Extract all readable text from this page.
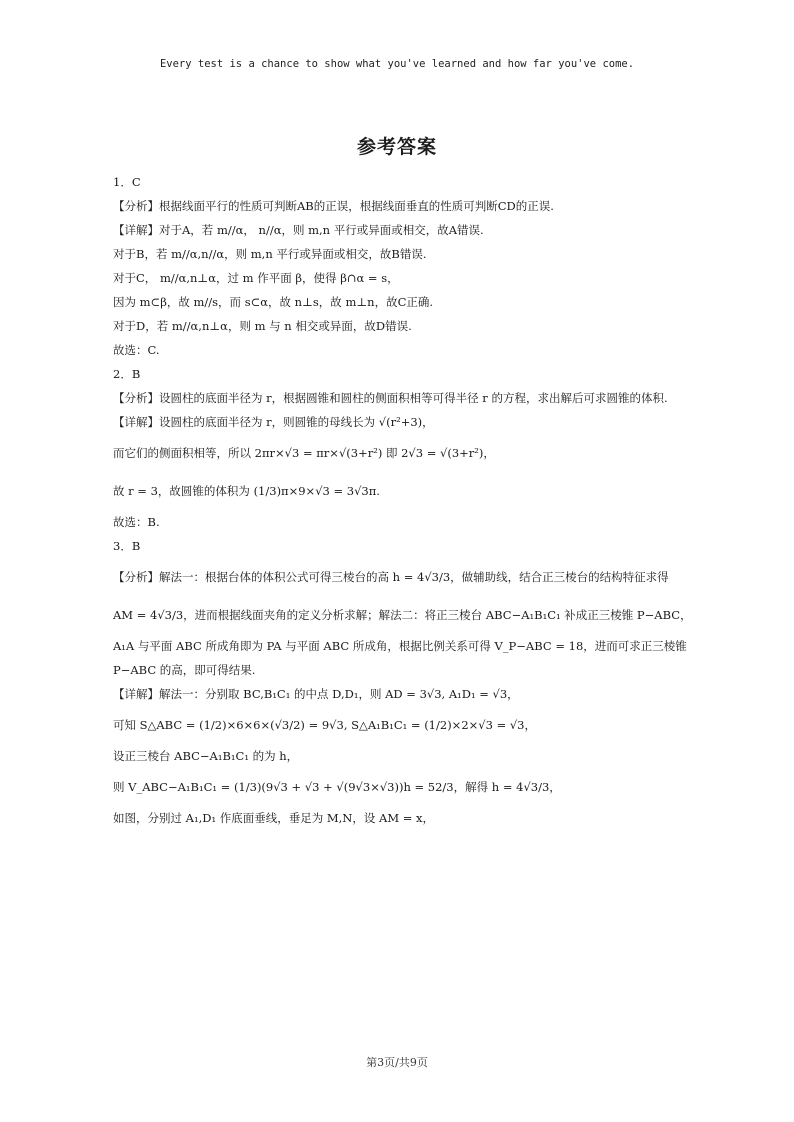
Every test is a chance to show what you've learned and how far you've come.
参考答案
1．C
【分析】根据线面平行的性质可判断AB的正误，根据线面垂直的性质可判断CD的正误.
【详解】对于A，若 m//α， n//α，则 m,n 平行或异面或相交，故A错误.
对于B，若 m//α,n//α，则 m,n 平行或异面或相交，故B错误.
对于C， m//α,n⊥α，过 m 作平面 β，使得 β∩α = s，
因为 m⊂β，故 m//s，而 s⊂α，故 n⊥s，故 m⊥n，故C正确.
对于D，若 m//α,n⊥α，则 m 与 n 相交或异面，故D错误.
故选：C.
2．B
【分析】设圆柱的底面半径为 r，根据圆锥和圆柱的侧面积相等可得半径 r 的方程，求出解后可求圆锥的体积.
【详解】设圆柱的底面半径为 r，则圆锥的母线长为 √(r²+3)，
而它们的侧面积相等，所以 2πr×√3 = πr×√(3+r²) 即 2√3 = √(3+r²)，
故 r = 3，故圆锥的体积为 (1/3)π×9×√3 = 3√3π.
故选：B.
3．B
【分析】解法一：根据台体的体积公式可得三棱台的高 h = 4√3/3，做辅助线，结合正三棱台的结构特征求得
AM = 4√3/3，进而根据线面夹角的定义分析求解；解法二：将正三棱台 ABC−A₁B₁C₁ 补成正三棱锥 P−ABC，
A₁A 与平面 ABC 所成角即为 PA 与平面 ABC 所成角，根据比例关系可得 V_P−ABC = 18，进而可求正三棱锥
P−ABC 的高，即可得结果.
【详解】解法一：分别取 BC,B₁C₁ 的中点 D,D₁，则 AD = 3√3, A₁D₁ = √3，
可知 S△ABC = (1/2)×6×6×(√3/2) = 9√3, S△A₁B₁C₁ = (1/2)×2×√3 = √3，
设正三棱台 ABC−A₁B₁C₁ 的为 h，
则 V_ABC−A₁B₁C₁ = (1/3)(9√3 + √3 + √(9√3×√3))h = 52/3，解得 h = 4√3/3，
如图，分别过 A₁,D₁ 作底面垂线，垂足为 M,N，设 AM = x，
第3页/共9页
